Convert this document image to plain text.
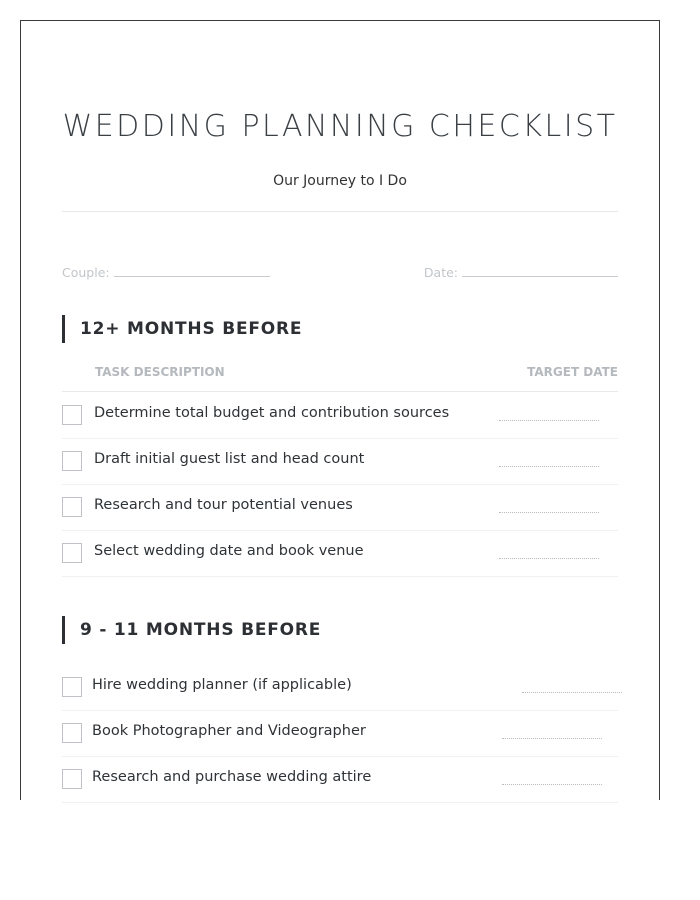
WEDDING PLANNING CHECKLIST
Our Journey to I Do
Couple:	Date:
12+ MONTHS BEFORE
TASK DESCRIPTION	TARGET DATE
Determine total budget and contribution sources
Draft initial guest list and head count
Research and tour potential venues
Select wedding date and book venue
9 - 11 MONTHS BEFORE
Hire wedding planner (if applicable)
Book Photographer and Videographer
Research and purchase wedding attire
